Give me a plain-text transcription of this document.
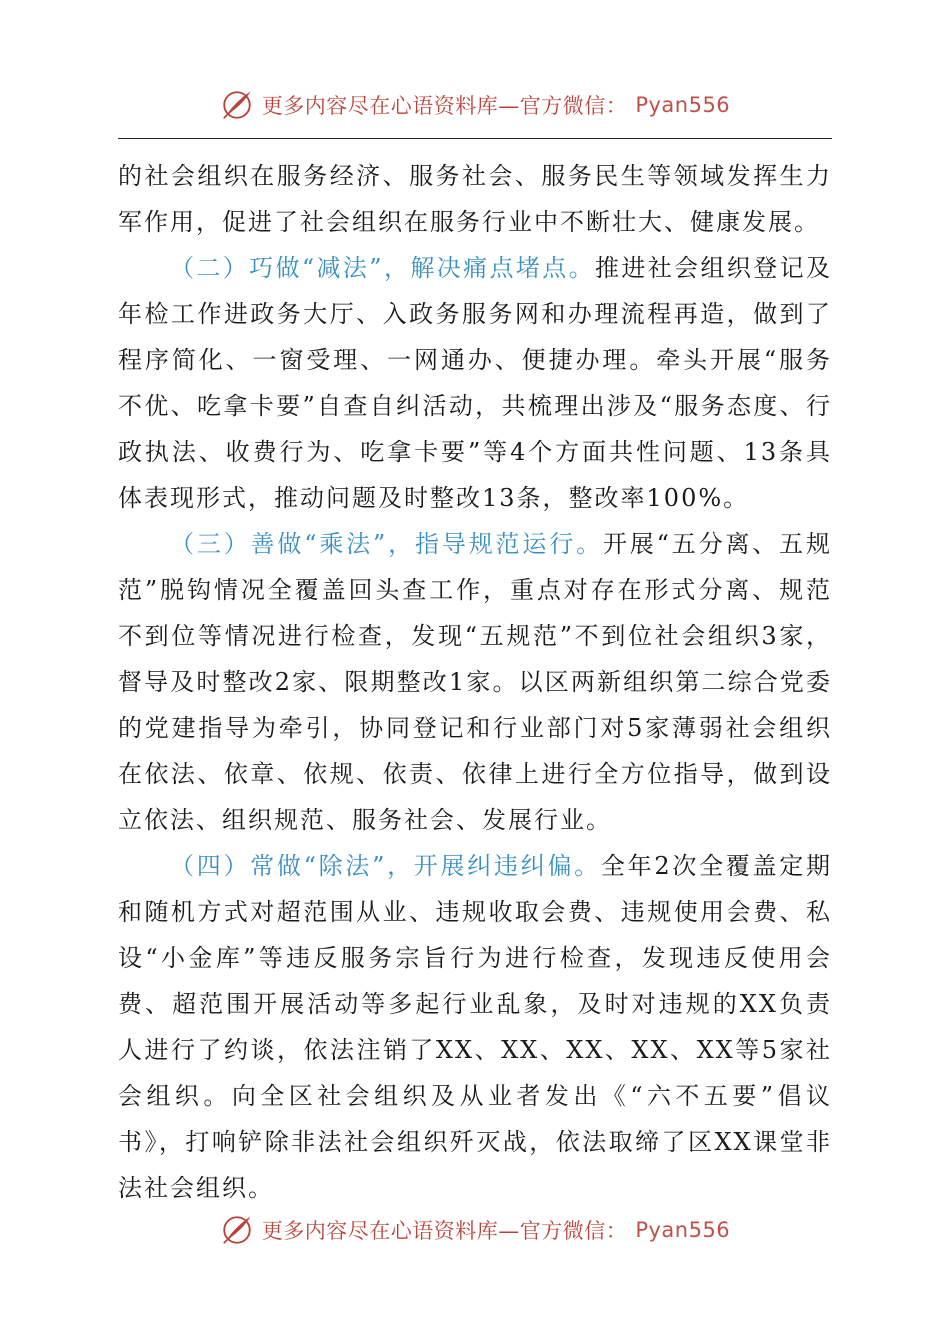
更多内容尽在心语资料库—官方微信： Pyan556

的社会组织在服务经济、服务社会、服务民生等领域发挥生力军作用，促进了社会组织在服务行业中不断壮大、健康发展。

（二）巧做“减法”，解决痛点堵点。推进社会组织登记及年检工作进政务大厅、入政务服务网和办理流程再造，做到了程序简化、一窗受理、一网通办、便捷办理。牵头开展“服务不优、吃拿卡要”自查自纠活动，共梳理出涉及“服务态度、行政执法、收费行为、吃拿卡要”等4个方面共性问题、13条具体表现形式，推动问题及时整改13条，整改率100%。

（三）善做“乘法”，指导规范运行。开展“五分离、五规范”脱钩情况全覆盖回头查工作，重点对存在形式分离、规范不到位等情况进行检查，发现“五规范”不到位社会组织3家，督导及时整改2家、限期整改1家。以区两新组织第二综合党委的党建指导为牵引，协同登记和行业部门对5家薄弱社会组织在依法、依章、依规、依责、依律上进行全方位指导，做到设立依法、组织规范、服务社会、发展行业。

（四）常做“除法”，开展纠违纠偏。全年2次全覆盖定期和随机方式对超范围从业、违规收取会费、违规使用会费、私设“小金库”等违反服务宗旨行为进行检查，发现违反使用会费、超范围开展活动等多起行业乱象，及时对违规的XX负责人进行了约谈，依法注销了XX、XX、XX、XX、XX等5家社会组织。向全区社会组织及从业者发出《“六不五要”倡议书》，打响铲除非法社会组织歼灭战，依法取缔了区XX课堂非法社会组织。

更多内容尽在心语资料库—官方微信： Pyan556
